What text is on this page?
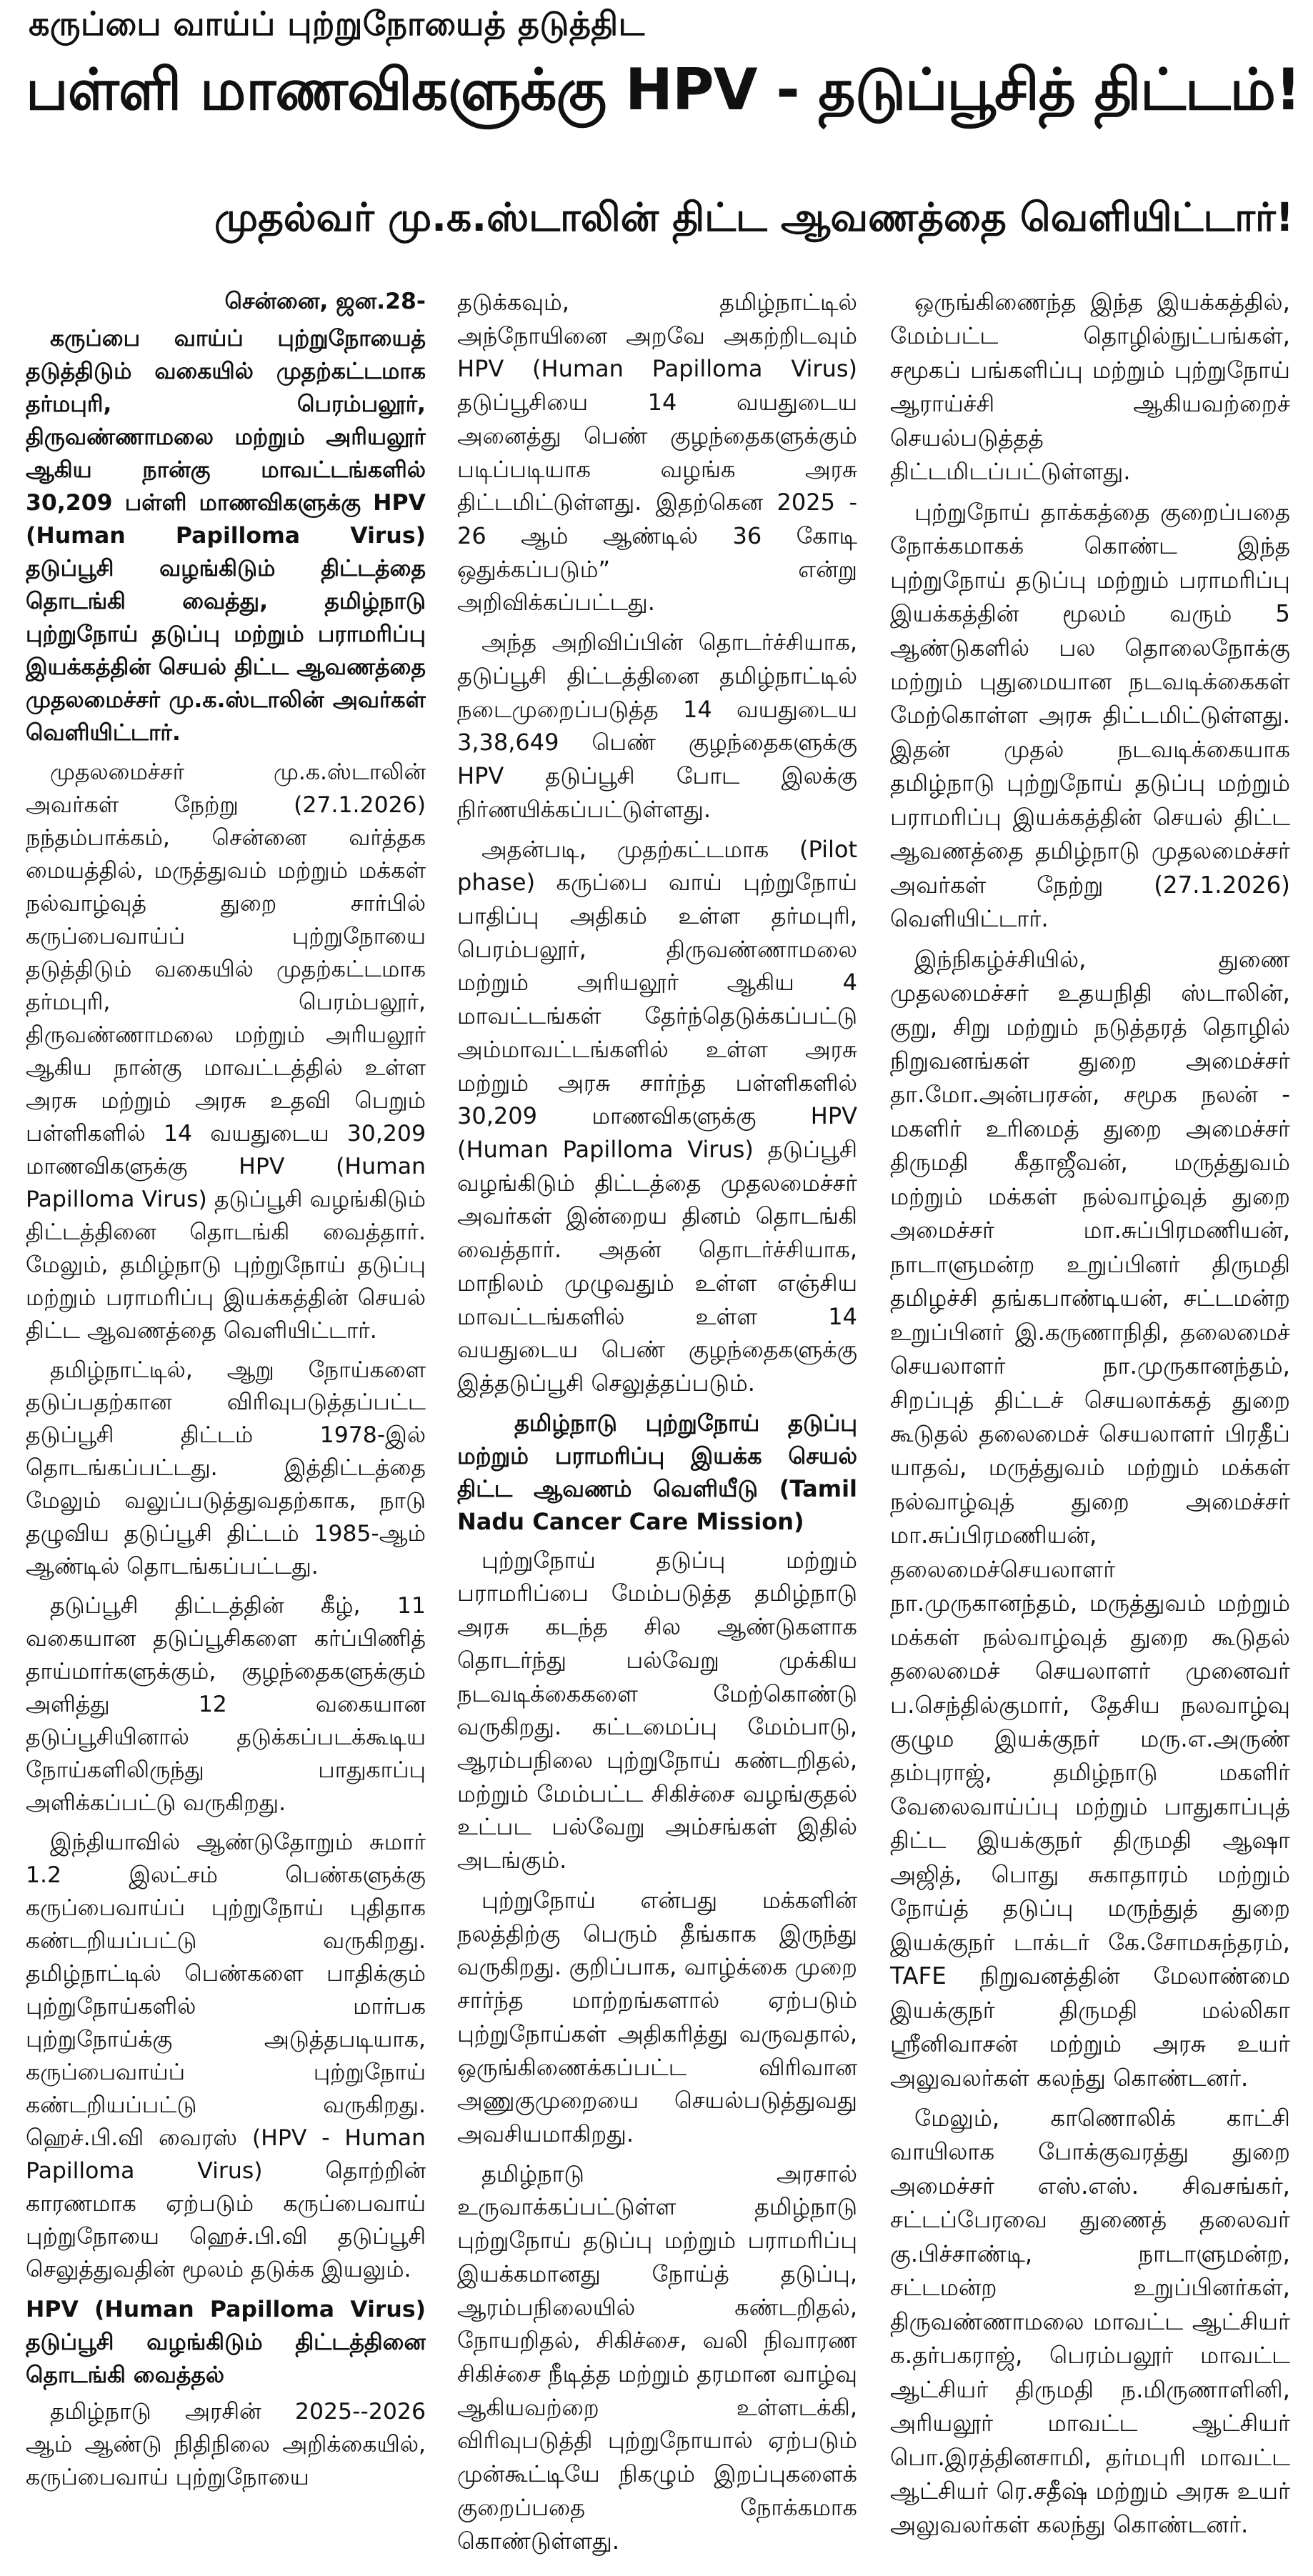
கருப்பை வாய்ப் புற்றுநோயைத் தடுத்திட
பள்ளி மாணவிகளுக்கு HPV - தடுப்பூசித் திட்டம்!
முதல்வர் மு.க.ஸ்டாலின் திட்ட ஆவணத்தை வெளியிட்டார்!

சென்னை, ஜன.28-

கருப்பை வாய்ப் புற்றுநோயைத் தடுத்திடும் வகையில் முதற்கட்டமாக தர்மபுரி, பெரம்பலூர், திருவண்ணாமலை மற்றும் அரியலூர் ஆகிய நான்கு மாவட்டங்களில் 30,209 பள்ளி மாணவிகளுக்கு HPV (Human Papilloma Virus) தடுப்பூசி வழங்கிடும் திட்டத்தை தொடங்கி வைத்து, தமிழ்நாடு புற்றுநோய் தடுப்பு மற்றும் பராமரிப்பு இயக்கத்தின் செயல் திட்ட ஆவணத்தை முதலமைச்சர் மு.க.ஸ்டாலின் அவர்கள் வெளியிட்டார்.

முதலமைச்சர் மு.க.ஸ்டாலின் அவர்கள் நேற்று (27.1.2026) நந்தம்பாக்கம், சென்னை வர்த்தக மையத்தில், மருத்துவம் மற்றும் மக்கள் நல்வாழ்வுத் துறை சார்பில் கருப்பைவாய்ப் புற்றுநோயை தடுத்திடும் வகையில் முதற்கட்டமாக தர்மபுரி, பெரம்பலூர், திருவண்ணாமலை மற்றும் அரியலூர் ஆகிய நான்கு மாவட்டத்தில் உள்ள அரசு மற்றும் அரசு உதவி பெறும் பள்ளிகளில் 14 வயதுடைய 30,209 மாணவிகளுக்கு HPV (Human Papilloma Virus) தடுப்பூசி வழங்கிடும் திட்டத்தினை தொடங்கி வைத்தார். மேலும், தமிழ்நாடு புற்றுநோய் தடுப்பு மற்றும் பராமரிப்பு இயக்கத்தின் செயல் திட்ட ஆவணத்தை வெளியிட்டார்.

தமிழ்நாட்டில், ஆறு நோய்களை தடுப்பதற்கான விரிவுபடுத்தப்பட்ட தடுப்பூசி திட்டம் 1978-இல் தொடங்கப்பட்டது. இத்திட்டத்தை மேலும் வலுப்படுத்துவதற்காக, நாடு தழுவிய தடுப்பூசி திட்டம் 1985-ஆம் ஆண்டில் தொடங்கப்பட்டது.

தடுப்பூசி திட்டத்தின் கீழ், 11 வகையான தடுப்பூசிகளை கர்ப்பிணித் தாய்மார்களுக்கும், குழந்தைகளுக்கும் அளித்து 12 வகையான தடுப்பூசியினால் தடுக்கப்படக்கூடிய நோய்களிலிருந்து பாதுகாப்பு அளிக்கப்பட்டு வருகிறது.

இந்தியாவில் ஆண்டுதோறும் சுமார் 1.2 இலட்சம் பெண்களுக்கு கருப்பைவாய்ப் புற்றுநோய் புதிதாக கண்டறியப்பட்டு வருகிறது. தமிழ்நாட்டில் பெண்களை பாதிக்கும் புற்றுநோய்களில் மார்பக புற்றுநோய்க்கு அடுத்தபடியாக, கருப்பைவாய்ப் புற்றுநோய் கண்டறியப்பட்டு வருகிறது. ஹெச்.பி.வி வைரஸ் (HPV - Human Papilloma Virus) தொற்றின் காரணமாக ஏற்படும் கருப்பைவாய் புற்றுநோயை ஹெச்.பி.வி தடுப்பூசி செலுத்துவதின் மூலம் தடுக்க இயலும்.

HPV (Human Papilloma Virus) தடுப்பூசி வழங்கிடும் திட்டத்தினை தொடங்கி வைத்தல்

தமிழ்நாடு அரசின் 2025--2026 ஆம் ஆண்டு நிதிநிலை அறிக்கையில், கருப்பைவாய் புற்றுநோயை

தடுக்கவும், தமிழ்நாட்டில் அந்நோயினை அறவே அகற்றிடவும் HPV (Human Papilloma Virus) தடுப்பூசியை 14 வயதுடைய அனைத்து பெண் குழந்தைகளுக்கும் படிப்படியாக வழங்க அரசு திட்டமிட்டுள்ளது. இதற்கென 2025 - 26 ஆம் ஆண்டில் 36 கோடி ஒதுக்கப்படும்” என்று அறிவிக்கப்பட்டது.

அந்த அறிவிப்பின் தொடர்ச்சியாக, தடுப்பூசி திட்டத்தினை தமிழ்நாட்டில் நடைமுறைப்படுத்த 14 வயதுடைய 3,38,649 பெண் குழந்தைகளுக்கு HPV தடுப்பூசி போட இலக்கு நிர்ணயிக்கப்பட்டுள்ளது.

அதன்படி, முதற்கட்டமாக (Pilot phase) கருப்பை வாய் புற்றுநோய் பாதிப்பு அதிகம் உள்ள தர்மபுரி, பெரம்பலூர், திருவண்ணாமலை மற்றும் அரியலூர் ஆகிய 4 மாவட்டங்கள் தேர்ந்தெடுக்கப்பட்டு அம்மாவட்டங்களில் உள்ள அரசு மற்றும் அரசு சார்ந்த பள்ளிகளில் 30,209 மாணவிகளுக்கு HPV (Human Papilloma Virus) தடுப்பூசி வழங்கிடும் திட்டத்தை முதலமைச்சர் அவர்கள் இன்றைய தினம் தொடங்கி வைத்தார். அதன் தொடர்ச்சியாக, மாநிலம் முழுவதும் உள்ள எஞ்சிய மாவட்டங்களில் உள்ள 14 வயதுடைய பெண் குழந்தைகளுக்கு இத்தடுப்பூசி செலுத்தப்படும்.

தமிழ்நாடு புற்றுநோய் தடுப்பு மற்றும் பராமரிப்பு இயக்க செயல் திட்ட ஆவணம் வெளியீடு (Tamil Nadu Cancer Care Mission)

புற்றுநோய் தடுப்பு மற்றும் பராமரிப்பை மேம்படுத்த தமிழ்நாடு அரசு கடந்த சில ஆண்டுகளாக தொடர்ந்து பல்வேறு முக்கிய நடவடிக்கைகளை மேற்கொண்டு வருகிறது. கட்டமைப்பு மேம்பாடு, ஆரம்பநிலை புற்றுநோய் கண்டறிதல், மற்றும் மேம்பட்ட சிகிச்சை வழங்குதல் உட்பட பல்வேறு அம்சங்கள் இதில் அடங்கும்.

புற்றுநோய் என்பது மக்களின் நலத்திற்கு பெரும் தீங்காக இருந்து வருகிறது. குறிப்பாக, வாழ்க்கை முறை சார்ந்த மாற்றங்களால் ஏற்படும் புற்றுநோய்கள் அதிகரித்து வருவதால், ஒருங்கிணைக்கப்பட்ட விரிவான அணுகுமுறையை செயல்படுத்துவது அவசியமாகிறது.

தமிழ்நாடு அரசால் உருவாக்கப்பட்டுள்ள தமிழ்நாடு புற்றுநோய் தடுப்பு மற்றும் பராமரிப்பு இயக்கமானது நோய்த் தடுப்பு, ஆரம்பநிலையில் கண்டறிதல், நோயறிதல், சிகிச்சை, வலி நிவாரண சிகிச்சை நீடித்த மற்றும் தரமான வாழ்வு ஆகியவற்றை உள்ளடக்கி, விரிவுபடுத்தி புற்றுநோயால் ஏற்படும் முன்கூட்டியே நிகழும் இறப்புகளைக் குறைப்பதை நோக்கமாக கொண்டுள்ளது.

ஒருங்கிணைந்த இந்த இயக்கத்தில், மேம்பட்ட தொழில்நுட்பங்கள், சமூகப் பங்களிப்பு மற்றும் புற்றுநோய் ஆராய்ச்சி ஆகியவற்றைச் செயல்படுத்தத் திட்டமிடப்பட்டுள்ளது.

புற்றுநோய் தாக்கத்தை குறைப்பதை நோக்கமாகக் கொண்ட இந்த புற்றுநோய் தடுப்பு மற்றும் பராமரிப்பு இயக்கத்தின் மூலம் வரும் 5 ஆண்டுகளில் பல தொலைநோக்கு மற்றும் புதுமையான நடவடிக்கைகள் மேற்கொள்ள அரசு திட்டமிட்டுள்ளது. இதன் முதல் நடவடிக்கையாக தமிழ்நாடு புற்றுநோய் தடுப்பு மற்றும் பராமரிப்பு இயக்கத்தின் செயல் திட்ட ஆவணத்தை தமிழ்நாடு முதலமைச்சர் அவர்கள் நேற்று (27.1.2026) வெளியிட்டார்.

இந்நிகழ்ச்சியில், துணை முதலமைச்சர் உதயநிதி ஸ்டாலின், குறு, சிறு மற்றும் நடுத்தரத் தொழில் நிறுவனங்கள் துறை அமைச்சர் தா.மோ.அன்பரசன், சமூக நலன் - மகளிர் உரிமைத் துறை அமைச்சர் திருமதி கீதாஜீவன், மருத்துவம் மற்றும் மக்கள் நல்வாழ்வுத் துறை அமைச்சர் மா.சுப்பிரமணியன், நாடாளுமன்ற உறுப்பினர் திருமதி தமிழச்சி தங்கபாண்டியன், சட்டமன்ற உறுப்பினர் இ.கருணாநிதி, தலைமைச் செயலாளர் நா.முருகானந்தம், சிறப்புத் திட்டச் செயலாக்கத் துறை கூடுதல் தலைமைச் செயலாளர் பிரதீப் யாதவ், மருத்துவம் மற்றும் மக்கள் நல்வாழ்வுத் துறை அமைச்சர் மா.சுப்பிரமணியன், தலைமைச்செயலாளர் நா.முருகானந்தம், மருத்துவம் மற்றும் மக்கள் நல்வாழ்வுத் துறை கூடுதல் தலைமைச் செயலாளர் முனைவர் ப.செந்தில்குமார், தேசிய நலவாழ்வு குழும இயக்குநர் மரு.எ.அருண் தம்புராஜ், தமிழ்நாடு மகளிர் வேலைவாய்ப்பு மற்றும் பாதுகாப்புத் திட்ட இயக்குநர் திருமதி ஆஷா அஜித், பொது சுகாதாரம் மற்றும் நோய்த் தடுப்பு மருந்துத் துறை இயக்குநர் டாக்டர் கே.சோமசுந்தரம், TAFE நிறுவனத்தின் மேலாண்மை இயக்குநர் திருமதி மல்லிகா ஸ்ரீனிவாசன் மற்றும் அரசு உயர் அலுவலர்கள் கலந்து கொண்டனர்.

மேலும், காணொலிக் காட்சி வாயிலாக போக்குவரத்து துறை அமைச்சர் எஸ்.எஸ். சிவசங்கர், சட்டப்பேரவை துணைத் தலைவர் கு.பிச்சாண்டி, நாடாளுமன்ற, சட்டமன்ற உறுப்பினர்கள், திருவண்ணாமலை மாவட்ட ஆட்சியர் க.தர்பகராஜ், பெரம்பலூர் மாவட்ட ஆட்சியர் திருமதி ந.மிருணாளினி, அரியலூர் மாவட்ட ஆட்சியர் பொ.இரத்தினசாமி, தர்மபுரி மாவட்ட ஆட்சியர் ரெ.சதீஷ் மற்றும் அரசு உயர் அலுவலர்கள் கலந்து கொண்டனர்.
